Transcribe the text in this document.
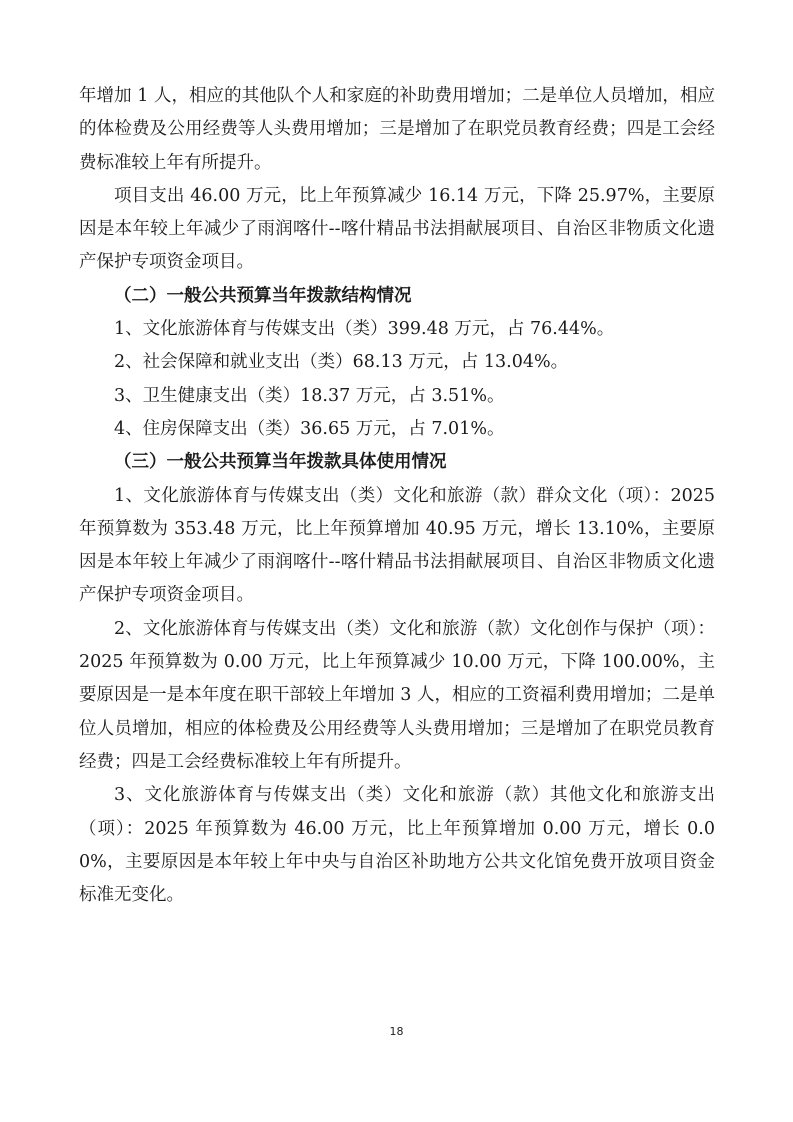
年增加 1 人，相应的其他队个人和家庭的补助费用增加；二是单位人员增加，相应的体检费及公用经费等人头费用增加；三是增加了在职党员教育经费；四是工会经费标准较上年有所提升。

项目支出 46.00 万元，比上年预算减少 16.14 万元，下降 25.97%，主要原因是本年较上年减少了雨润喀什--喀什精品书法捐献展项目、自治区非物质文化遗产保护专项资金项目。

（二）一般公共预算当年拨款结构情况

1、文化旅游体育与传媒支出（类）399.48 万元，占 76.44%。

2、社会保障和就业支出（类）68.13 万元，占 13.04%。

3、卫生健康支出（类）18.37 万元，占 3.51%。

4、住房保障支出（类）36.65 万元，占 7.01%。

（三）一般公共预算当年拨款具体使用情况

1、文化旅游体育与传媒支出（类）文化和旅游（款）群众文化（项）：2025 年预算数为 353.48 万元，比上年预算增加 40.95 万元，增长 13.10%，主要原因是本年较上年减少了雨润喀什--喀什精品书法捐献展项目、自治区非物质文化遗产保护专项资金项目。

2、文化旅游体育与传媒支出（类）文化和旅游（款）文化创作与保护（项）：2025 年预算数为 0.00 万元，比上年预算减少 10.00 万元，下降 100.00%，主要原因是一是本年度在职干部较上年增加 3 人，相应的工资福利费用增加；二是单位人员增加，相应的体检费及公用经费等人头费用增加；三是增加了在职党员教育经费；四是工会经费标准较上年有所提升。

3、文化旅游体育与传媒支出（类）文化和旅游（款）其他文化和旅游支出（项）：2025 年预算数为 46.00 万元，比上年预算增加 0.00 万元，增长 0.00%，主要原因是本年较上年中央与自治区补助地方公共文化馆免费开放项目资金标准无变化。

18
